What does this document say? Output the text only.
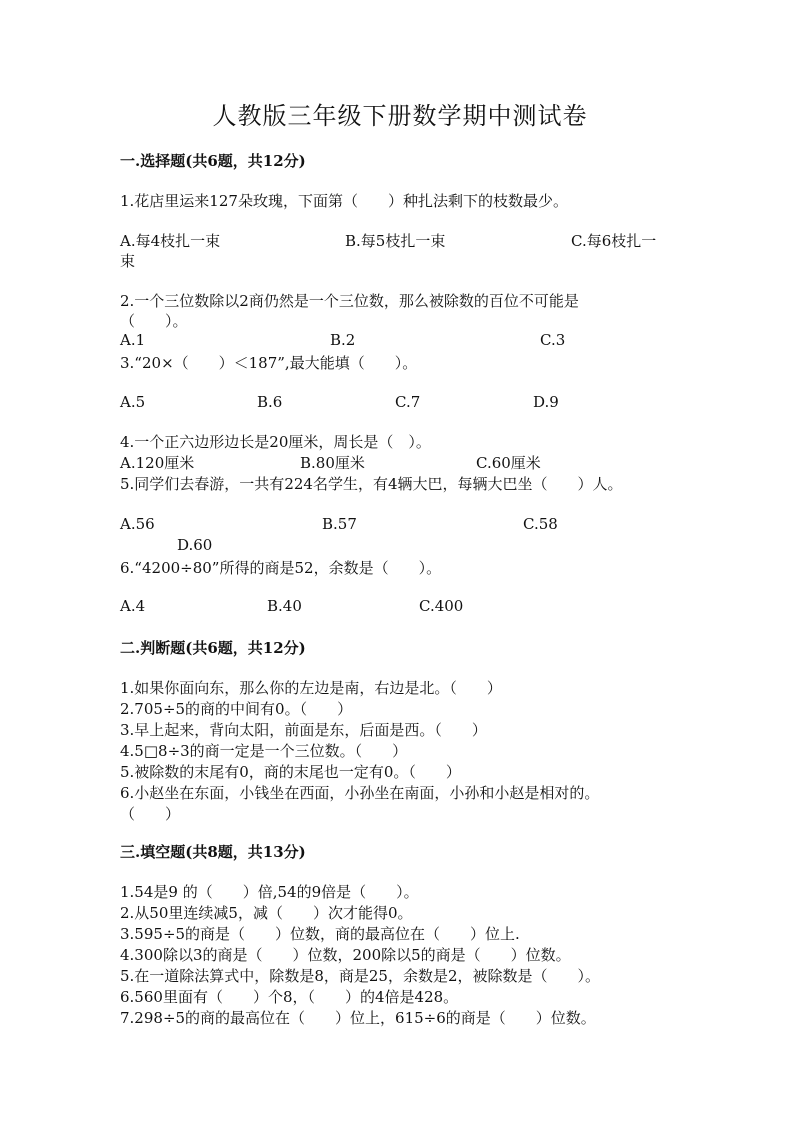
人教版三年级下册数学期中测试卷
一.选择题(共6题，共12分)
1.花店里运来127朵玫瑰，下面第（　　）种扎法剩下的枝数最少。
A.每4枝扎一束	B.每5枝扎一束	C.每6枝扎一
束
2.一个三位数除以2商仍然是一个三位数，那么被除数的百位不可能是
（　　）。
A.1	B.2	C.3
3.“20×（　　）＜187”,最大能填（　　）。
A.5	B.6	C.7	D.9
4.一个正六边形边长是20厘米，周长是（　）。
A.120厘米	B.80厘米	C.60厘米
5.同学们去春游，一共有224名学生，有4辆大巴，每辆大巴坐（　　）人。
A.56	B.57	C.58
D.60
6.“4200÷80”所得的商是52，余数是（　　）。
A.4	B.40	C.400
二.判断题(共6题，共12分)
1.如果你面向东，那么你的左边是南，右边是北。（　　）
2.705÷5的商的中间有0。（　　）
3.早上起来，背向太阳，前面是东，后面是西。（　　）
4.5□8÷3的商一定是一个三位数。（　　）
5.被除数的末尾有0，商的末尾也一定有0。（　　）
6.小赵坐在东面，小钱坐在西面，小孙坐在南面，小孙和小赵是相对的。
（　　）
三.填空题(共8题，共13分)
1.54是9 的（　　）倍,54的9倍是（　　）。
2.从50里连续减5，减（　　）次才能得0。
3.595÷5的商是（　　）位数，商的最高位在（　　）位上.
4.300除以3的商是（　　）位数，200除以5的商是（　　）位数。
5.在一道除法算式中，除数是8，商是25，余数是2，被除数是（　　）。
6.560里面有（　　）个8，（　　）的4倍是428。
7.298÷5的商的最高位在（　　）位上，615÷6的商是（　　）位数。
